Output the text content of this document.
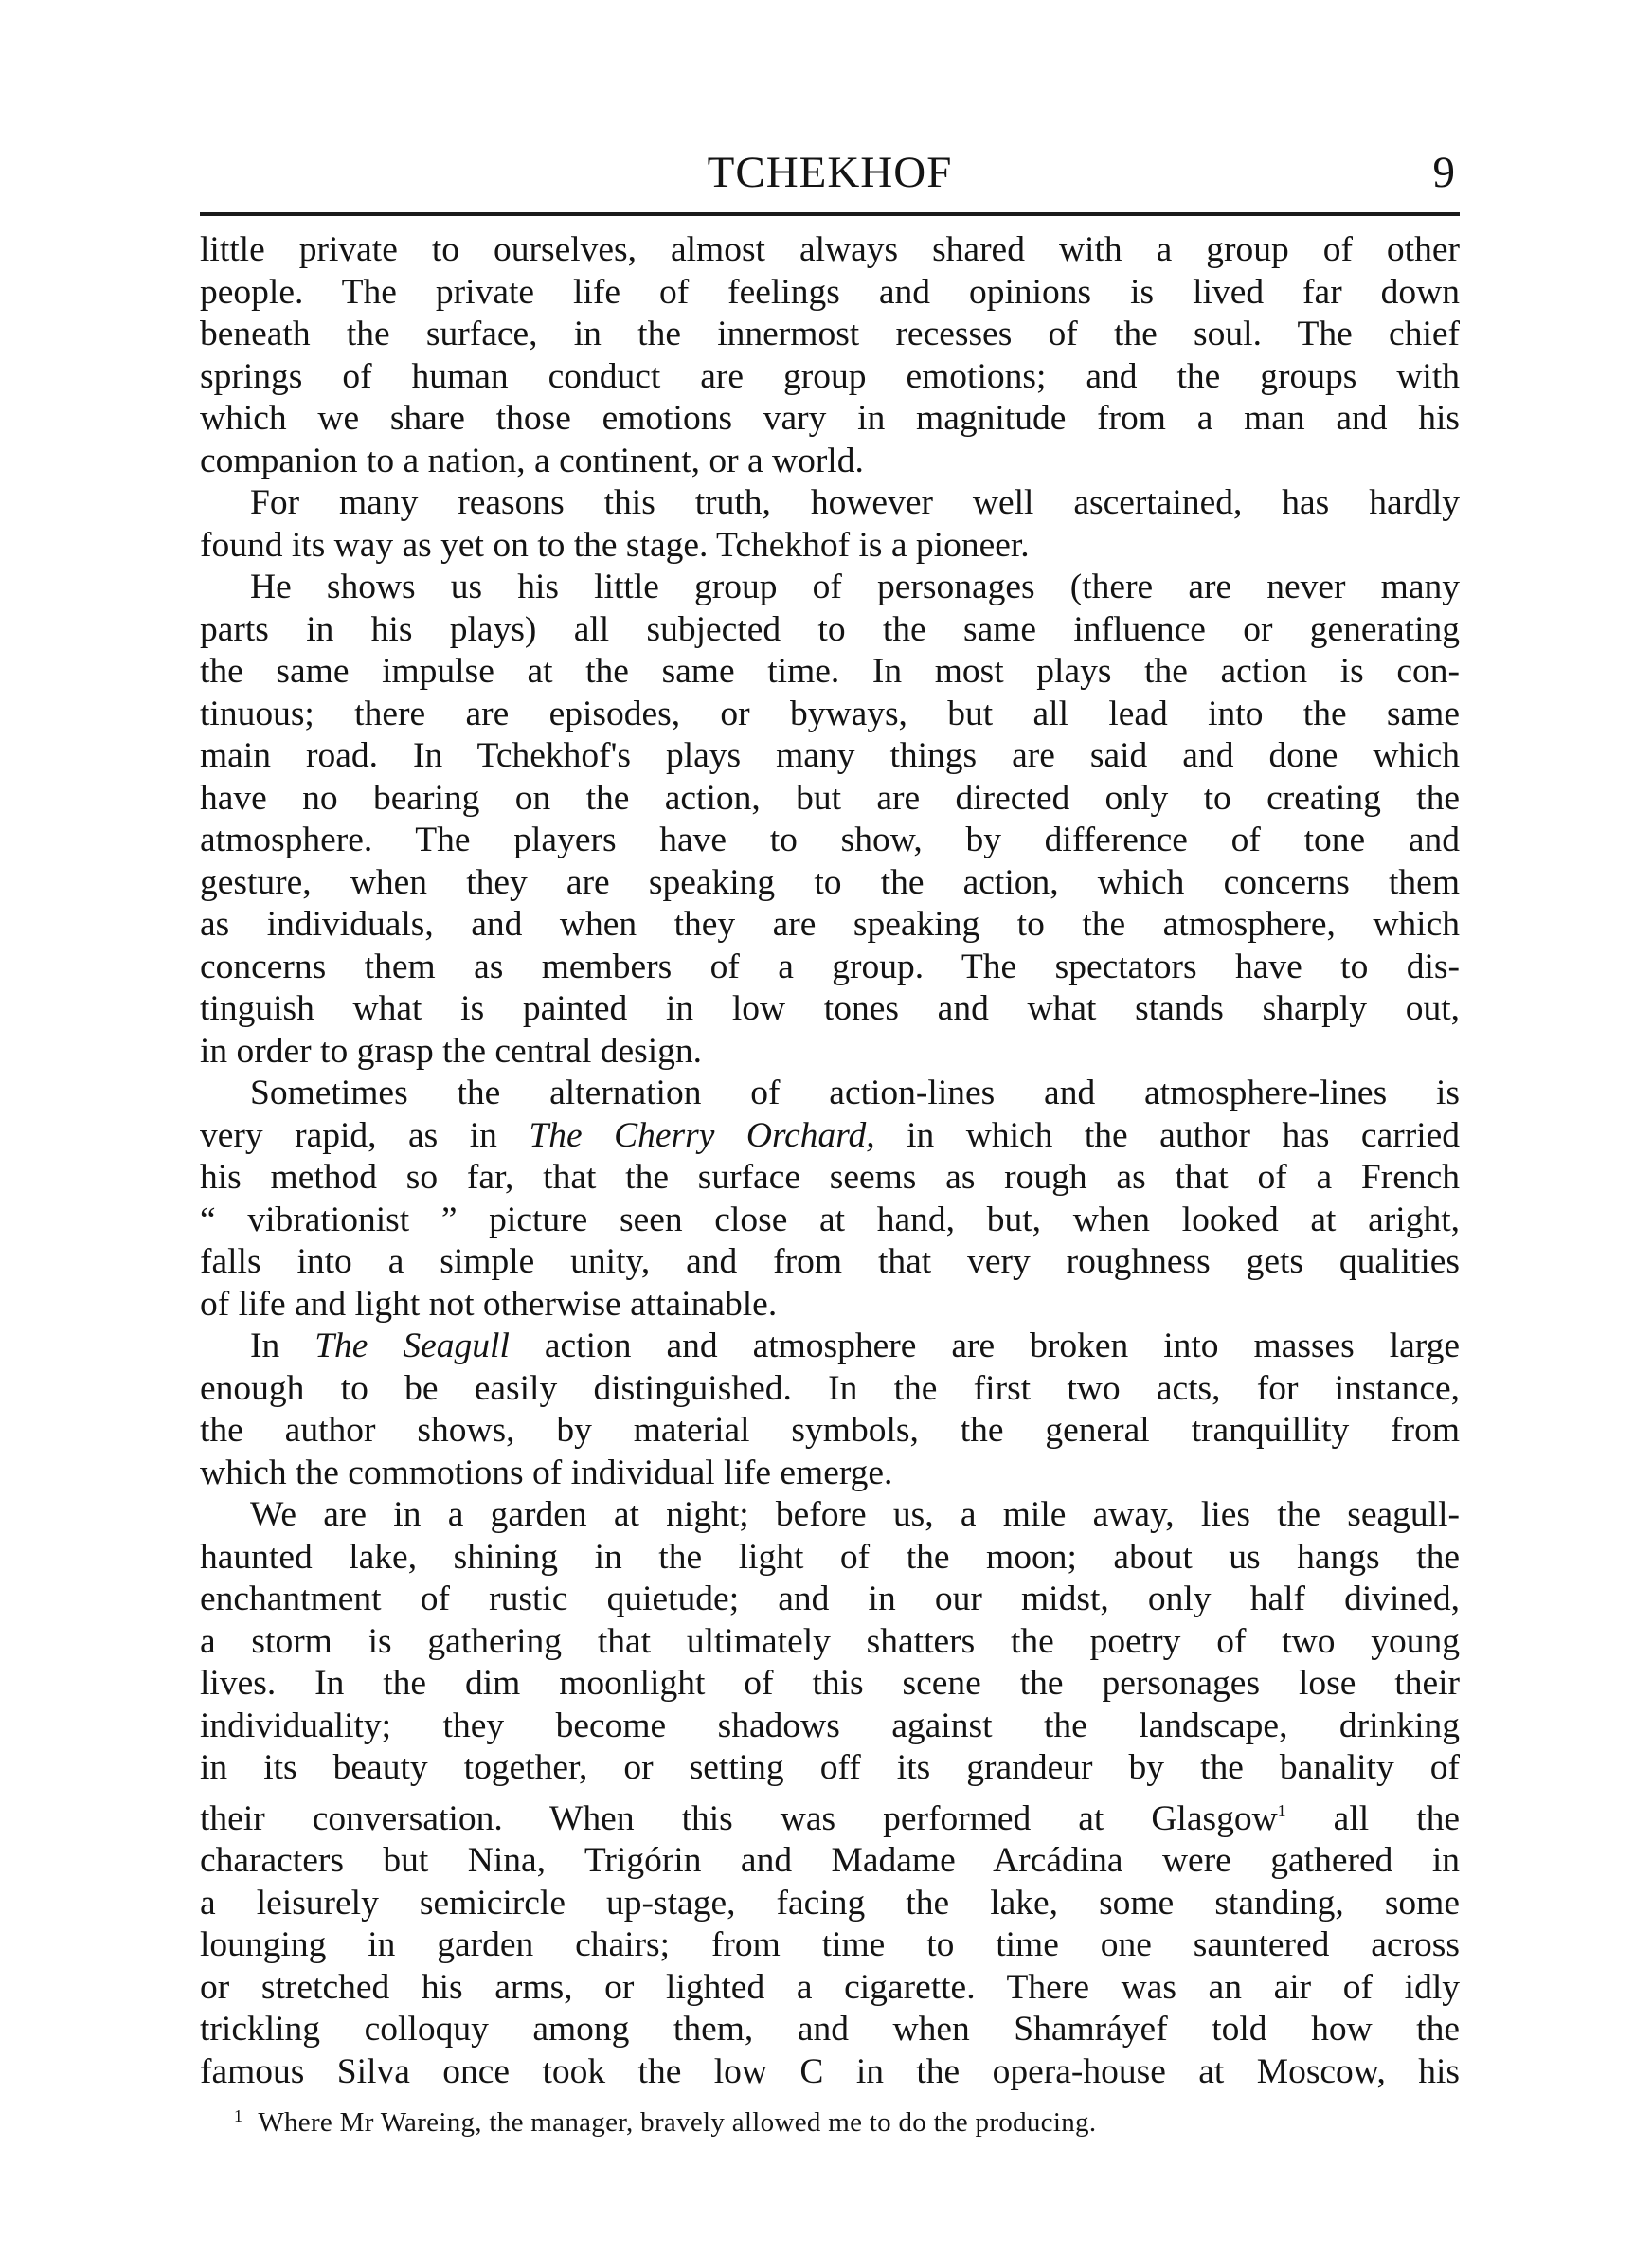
TCHEKHOF	9

little private to ourselves, almost always shared with a group of other

people. The private life of feelings and opinions is lived far down

beneath the surface, in the innermost recesses of the soul. The chief

springs of human conduct are group emotions; and the groups with

which we share those emotions vary in magnitude from a man and his

companion to a nation, a continent, or a world.

For many reasons this truth, however well ascertained, has hardly

found its way as yet on to the stage. Tchekhof is a pioneer.

He shows us his little group of personages (there are never many

parts in his plays) all subjected to the same influence or generating

the same impulse at the same time. In most plays the action is con-

tinuous; there are episodes, or byways, but all lead into the same

main road. In Tchekhof's plays many things are said and done which

have no bearing on the action, but are directed only to creating the

atmosphere. The players have to show, by difference of tone and

gesture, when they are speaking to the action, which concerns them

as individuals, and when they are speaking to the atmosphere, which

concerns them as members of a group. The spectators have to dis-

tinguish what is painted in low tones and what stands sharply out,

in order to grasp the central design.

Sometimes the alternation of action-lines and atmosphere-lines is

very rapid, as in The Cherry Orchard, in which the author has carried

his method so far, that the surface seems as rough as that of a French

“ vibrationist ” picture seen close at hand, but, when looked at aright,

falls into a simple unity, and from that very roughness gets qualities

of life and light not otherwise attainable.

In The Seagull action and atmosphere are broken into masses large

enough to be easily distinguished. In the first two acts, for instance,

the author shows, by material symbols, the general tranquillity from

which the commotions of individual life emerge.

We are in a garden at night; before us, a mile away, lies the seagull-

haunted lake, shining in the light of the moon; about us hangs the

enchantment of rustic quietude; and in our midst, only half divined,

a storm is gathering that ultimately shatters the poetry of two young

lives. In the dim moonlight of this scene the personages lose their

individuality; they become shadows against the landscape, drinking

in its beauty together, or setting off its grandeur by the banality of

their conversation. When this was performed at Glasgow$^1$ all the

characters but Nina, Trigórin and Madame Arcádina were gathered in

a leisurely semicircle up-stage, facing the lake, some standing, some

lounging in garden chairs; from time to time one sauntered across

or stretched his arms, or lighted a cigarette. There was an air of idly

trickling colloquy among them, and when Shamráyef told how the

famous Silva once took the low C in the opera-house at Moscow, his

$^1$ Where Mr Wareing, the manager, bravely allowed me to do the producing.
